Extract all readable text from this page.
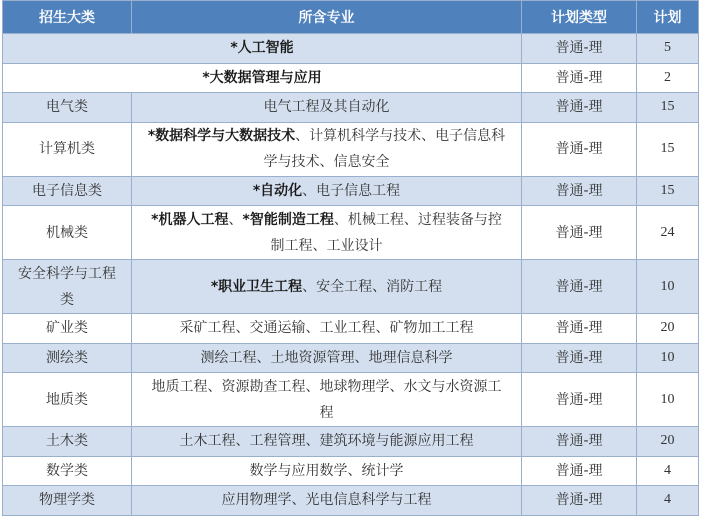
招生大类	所含专业	计划类型	计划
*人工智能		普通-理	5
*大数据管理与应用		普通-理	2
电气类	电气工程及其自动化	普通-理	15
计算机类	*数据科学与大数据技术、计算机科学与技术、电子信息科学与技术、信息安全	普通-理	15
电子信息类	*自动化、电子信息工程	普通-理	15
机械类	*机器人工程、*智能制造工程、机械工程、过程装备与控制工程、工业设计	普通-理	24
安全科学与工程类	*职业卫生工程、安全工程、消防工程	普通-理	10
矿业类	采矿工程、交通运输、工业工程、矿物加工工程	普通-理	20
测绘类	测绘工程、土地资源管理、地理信息科学	普通-理	10
地质类	地质工程、资源勘查工程、地球物理学、水文与水资源工程	普通-理	10
土木类	土木工程、工程管理、建筑环境与能源应用工程	普通-理	20
数学类	数学与应用数学、统计学	普通-理	4
物理学类	应用物理学、光电信息科学与工程	普通-理	4
